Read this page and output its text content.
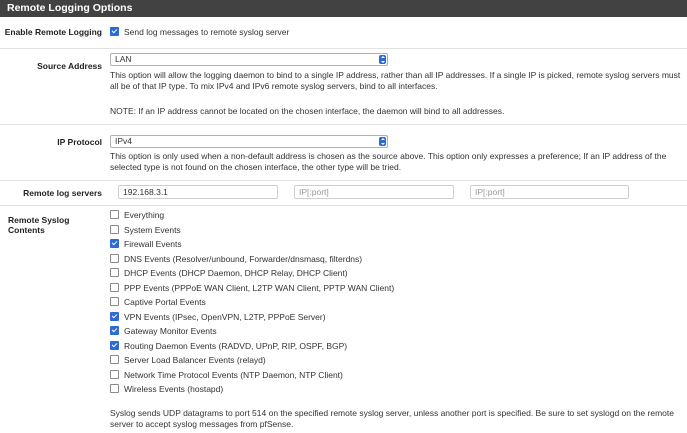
Remote Logging Options
Enable Remote Logging	Send log messages to remote syslog server
Source Address
LAN

This option will allow the logging daemon to bind to a single IP address, rather than all IP addresses. If a single IP is picked, remote syslog servers must all be of that IP type. To mix IPv4 and IPv6 remote syslog servers, bind to all interfaces.

NOTE: If an IP address cannot be located on the chosen interface, the daemon will bind to all addresses.

IP Protocol	IPv4

This option is only used when a non-default address is chosen as the source above. This option only expresses a preference; If an IP address of the selected type is not found on the chosen interface, the other type will be tried.

Remote log servers
192.168.3.1
IP[:port]
IP[:port]
Remote Syslog Contents
Everything
System Events
Firewall Events
DNS Events (Resolver/unbound, Forwarder/dnsmasq, filterdns)
DHCP Events (DHCP Daemon, DHCP Relay, DHCP Client)
PPP Events (PPPoE WAN Client, L2TP WAN Client, PPTP WAN Client)
Captive Portal Events
VPN Events (IPsec, OpenVPN, L2TP, PPPoE Server)
Gateway Monitor Events
Routing Daemon Events (RADVD, UPnP, RIP, OSPF, BGP)
Server Load Balancer Events (relayd)
Network Time Protocol Events (NTP Daemon, NTP Client)
Wireless Events (hostapd)

Syslog sends UDP datagrams to port 514 on the specified remote syslog server, unless another port is specified. Be sure to set syslogd on the remote server to accept syslog messages from pfSense.
